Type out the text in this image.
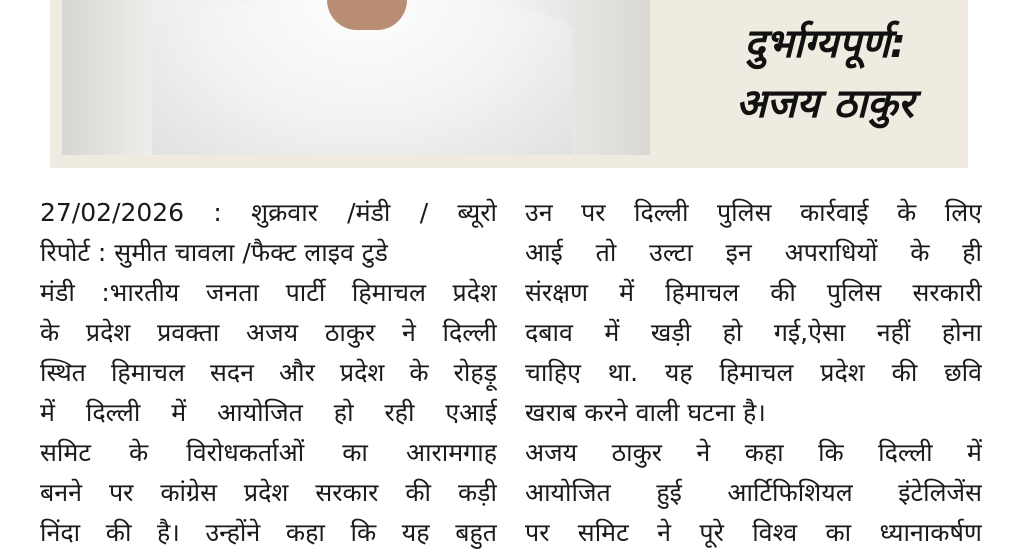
दुर्भाग्यपूर्ण:
अजय ठाकुर
27/02/2026 : शुक्रवार /मंडी / ब्यूरो
रिपोर्ट : सुमीत चावला /फैक्ट लाइव टुडे
मंडी :भारतीय जनता पार्टी हिमाचल प्रदेश
के प्रदेश प्रवक्ता अजय ठाकुर ने दिल्ली
स्थित हिमाचल सदन और प्रदेश के रोहड़ू
में दिल्ली में आयोजित हो रही एआई
समिट के विरोधकर्ताओं का आरामगाह
बनने पर कांग्रेस प्रदेश सरकार की कड़ी
निंदा की है। उन्होंने कहा कि यह बहुत
उन पर दिल्ली पुलिस कार्रवाई के लिए
आई तो उल्टा इन अपराधियों के ही
संरक्षण में हिमाचल की पुलिस सरकारी
दबाव में खड़ी हो गई,ऐसा नहीं होना
चाहिए था. यह हिमाचल प्रदेश की छवि
खराब करने वाली घटना है।
अजय ठाकुर ने कहा कि दिल्ली में
आयोजित हुई आर्टिफिशियल इंटेलिजेंस
पर समिट ने पूरे विश्व का ध्यानाकर्षण
